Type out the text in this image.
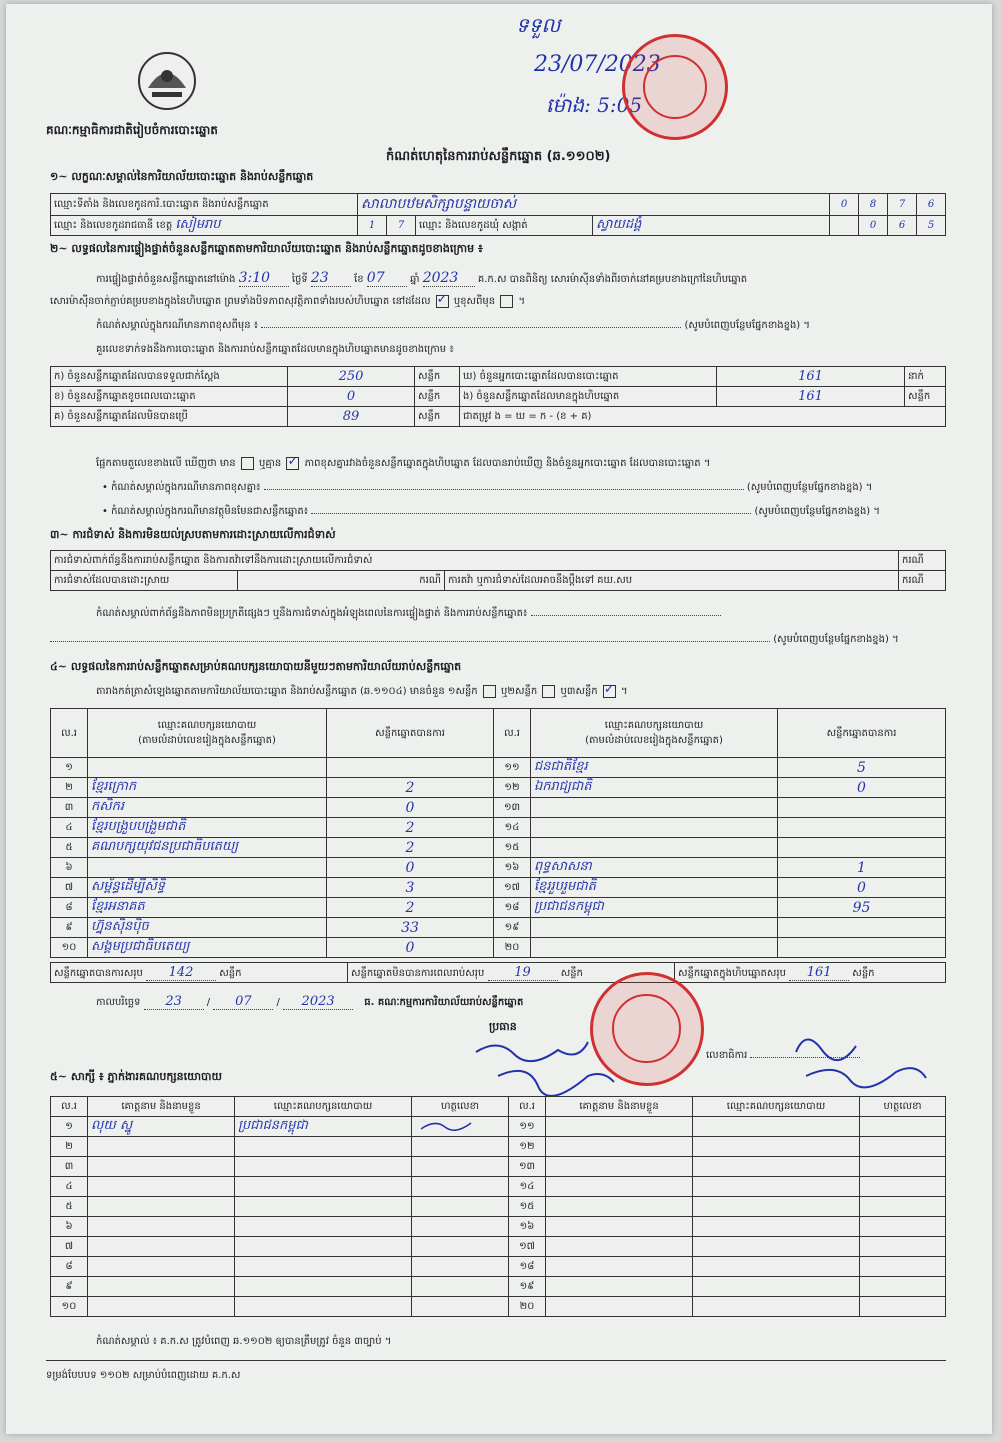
គណៈកម្មាធិការជាតិរៀបចំការបោះឆ្នោត
កំណត់ហេតុនៃការរាប់សន្លឹកឆ្នោត (ឆ.១១០២)
ទទួល
23/07/2023
ម៉ោង: 5:05
១~ លក្ខណៈសម្គាល់នៃការិយាល័យបោះឆ្នោត និងរាប់សន្លឹកឆ្នោត
ឈ្មោះទីតាំង និងលេខកូដការិ.បោះឆ្នោត និងរាប់សន្លឹកឆ្នោត	សាលាបឋមសិក្សាបន្ទាយចាស់				0	8	7	6
ឈ្មោះ និងលេខកូដរាជធានី ខេត្ត សៀមរាប	1	7	ឈ្មោះ និងលេខកូដឃុំ សង្កាត់	ស្វាយដង្គំ		0	6	5
២~ លទ្ធផលនៃការផ្ទៀងផ្ទាត់ចំនួនសន្លឹកឆ្នោតតាមការិយាល័យបោះឆ្នោត និងរាប់សន្លឹកឆ្នោតដូចខាងក្រោម ៖
ការផ្ទៀងផ្ទាត់ចំនួនសន្លឹកឆ្នោតនៅម៉ោង 3:10 ថ្ងៃទី 23	ខែ 07	ឆ្នាំ 2023 គ.ក.ស បានពិនិត្យ សោរម៉ាស៊ីនទាំងពីរចាក់នៅគម្របខាងក្រៅនៃហិបឆ្នោត
សោរម៉ាស៊ីនចាក់ភ្ជាប់គម្របខាងក្នុងនៃហិបឆ្នោត ព្រមទាំងបិទភាពសុវត្ថិភាពទាំងរបស់ហិបឆ្នោត នៅដដែល ✓ ឬខុសពីមុន  ។
កំណត់សម្គាល់ក្នុងករណីមានភាពខុសពីមុន ៖	(សូមបំពេញបន្ថែមផ្នែកខាងខ្នង) ។
គួរលេខទាក់ទងនឹងការបោះឆ្នោត និងការរាប់សន្លឹកឆ្នោតដែលមានក្នុងហិបឆ្នោតមានដូចខាងក្រោម ៖
ក) ចំនួនសន្លឹកឆ្នោតដែលបានទទួលជាក់ស្តែង	250	សន្លឹក	ឃ) ចំនួនអ្នកបោះឆ្នោតដែលបានបោះឆ្នោត	161	នាក់
ខ) ចំនួនសន្លឹកឆ្នោតខូចពេលបោះឆ្នោត	0	សន្លឹក	ង) ចំនួនសន្លឹកឆ្នោតដែលមានក្នុងហិបឆ្នោត	161	សន្លឹក
គ) ចំនួនសន្លឹកឆ្នោតដែលមិនបានប្រើ	89	សន្លឹក	ជាតម្រូវ ង = ឃ = ក - (ខ + គ)		
ផ្អែកតាមតួលេខខាងលើ ឃើញថា មាន ឬគ្មាន ✓ ភាពខុសគ្នារវាងចំនួនសន្លឹកឆ្នោតក្នុងហិបឆ្នោត ដែលបានរាប់ឃើញ និងចំនួនអ្នកបោះឆ្នោត ដែលបានបោះឆ្នោត ។
• កំណត់សម្គាល់ក្នុងករណីមានភាពខុសគ្នា៖	(សូមបំពេញបន្ថែមផ្នែកខាងខ្នង) ។
• កំណត់សម្គាល់ក្នុងករណីមានវត្ថុមិនមែនជាសន្លឹកឆ្នោត៖	(សូមបំពេញបន្ថែមផ្នែកខាងខ្នង) ។
៣~ ការជំទាស់ និងការមិនយល់ស្របតាមការដោះស្រាយលើការជំទាស់
ការជំទាស់ពាក់ព័ន្ធនឹងការរាប់សន្លឹកឆ្នោត និងការតវ៉ាទៅនឹងការដោះស្រាយលើការជំទាស់			ករណី
ការជំទាស់ដែលបានដោះស្រាយ	ករណី	ការតវ៉ា ឬការជំទាស់ដែលអាចនឹងប្តឹងទៅ គឃ.សប	ករណី
កំណត់សម្គាល់ពាក់ព័ន្ធនឹងភាពមិនប្រក្រតីផ្សេងៗ ឬនឹងការជំទាស់ក្នុងអំឡុងពេលនៃការផ្ទៀងផ្ទាត់ និងការរាប់សន្លឹកឆ្នោត៖
(សូមបំពេញបន្ថែមផ្នែកខាងខ្នង) ។
៤~ លទ្ធផលនៃការរាប់សន្លឹកឆ្នោតសម្រាប់គណបក្សនយោបាយនីមួយៗតាមការិយាល័យរាប់សន្លឹកឆ្នោត
តារាងកត់ត្រាសំឡេងឆ្នោតតាមការិយាល័យបោះឆ្នោត និងរាប់សន្លឹកឆ្នោត (ឆ.១១០៤) មានចំនួន ១សន្លឹក ឬ២សន្លឹក ឬ៣សន្លឹក ✓ ។
ល.រ	ឈ្មោះគណបក្សនយោបាយ
(តាមលំដាប់លេខរៀងក្នុងសន្លឹកឆ្នោត)	សន្លឹកឆ្នោតបានការ	ល.រ	ឈ្មោះគណបក្សនយោបាយ
(តាមលំដាប់លេខរៀងក្នុងសន្លឹកឆ្នោត)	សន្លឹកឆ្នោតបានការ
១			១១	ជនជាតិខ្មែរ	5
២	ខ្មែរក្រោក	2	១២	ឯករាជ្យជាតិ	0
៣	កសិករ	0	១៣		
៤	ខ្មែរបង្រួបបង្រួមជាតិ	2	១៤		
៥	គណបក្សយុវជនប្រជាធិបតេយ្យ	2	១៥		
៦		0	១៦	ពុទ្ធសាសនា	1
៧	សម្ព័ន្ធដើម្បីសិទ្ធិ	3	១៧	ខ្មែររួបរួមជាតិ	0
៨	ខ្មែរអនាគត	2	១៨	ប្រជាជនកម្ពុជា	95
៩	ហ្វ៊ុនស៊ិនប៉ិច	33	១៩		
១០	សង្គមប្រជាធិបតេយ្យ	0	២០		
សន្លឹកឆ្នោតបានការសរុប 142	សន្លឹក	សន្លឹកឆ្នោតមិនបានការពេលរាប់សរុប 19	សន្លឹក	សន្លឹកឆ្នោតក្នុងហិបឆ្នោតសរុប 161 សន្លឹក
កាលបរិច្ឆេទ 23 / 07 / 2023	ធ. គណៈកម្មការការិយាល័យរាប់សន្លឹកឆ្នោត
ប្រធាន
លេខាធិការ
៥~ សាក្សី ៖ ភ្នាក់ងារគណបក្សនយោបាយ
ល.រ	គោត្តនាម និងនាមខ្លួន	ឈ្មោះគណបក្សនយោបាយ	ហត្ថលេខា	ល.រ	គោត្តនាម និងនាមខ្លួន	ឈ្មោះគណបក្សនយោបាយ	ហត្ថលេខា
១	លុយ ស្នូ	ប្រជាជនកម្ពុជា		១១			
២				១២			
៣				១៣			
៤				១៤			
៥				១៥			
៦				១៦			
៧				១៧			
៨				១៨			
៩				១៩			
១០				២០			
កំណត់សម្គាល់ ៖ គ.ក.ស ត្រូវបំពេញ ឆ.១១០២ ឲ្យបានត្រឹមត្រូវ ចំនួន ៣ច្បាប់ ។
ទម្រង់បែបបទ ១១០២ សម្រាប់បំពេញដោយ គ.ក.ស
